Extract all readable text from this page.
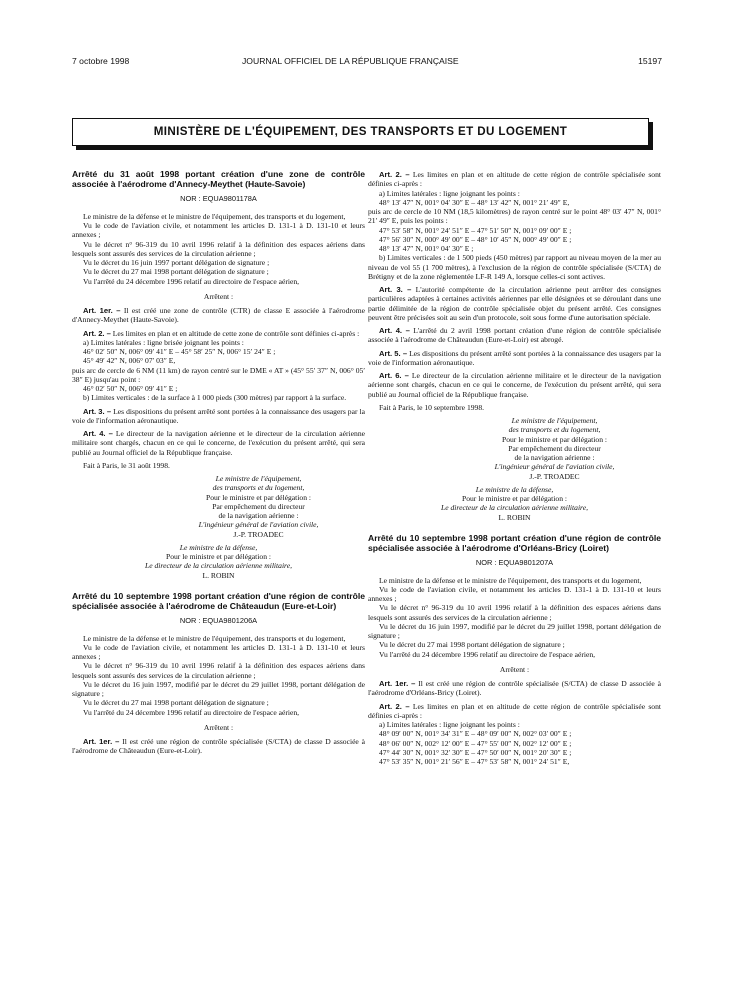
7 octobre 1998	JOURNAL OFFICIEL DE LA RÉPUBLIQUE FRANÇAISE	15197
MINISTÈRE DE L'ÉQUIPEMENT, DES TRANSPORTS ET DU LOGEMENT
Arrêté du 31 août 1998 portant création d'une zone de contrôle associée à l'aérodrome d'Annecy-Meythet (Haute-Savoie)
NOR : EQUA9801178A

Le ministre de la défense et le ministre de l'équipement, des transports et du logement,

Vu le code de l'aviation civile, et notamment les articles D. 131-1 à D. 131-10 et leurs annexes ;

Vu le décret n° 96-319 du 10 avril 1996 relatif à la définition des espaces aériens dans lesquels sont assurés des services de la circulation aérienne ;

Vu le décret du 16 juin 1997 portant délégation de signature ;

Vu le décret du 27 mai 1998 portant délégation de signature ;

Vu l'arrêté du 24 décembre 1996 relatif au directoire de l'espace aérien,

Arrêtent :

Art. 1er. – Il est créé une zone de contrôle (CTR) de classe E associée à l'aérodrome d'Annecy-Meythet (Haute-Savoie).

Art. 2. – Les limites en plan et en altitude de cette zone de contrôle sont définies ci-après :

a) Limites latérales : ligne brisée joignant les points :

46° 02′ 50″ N, 006° 09′ 41″ E – 45° 58′ 25″ N, 006° 15′ 24″ E ;

45° 49′ 42″ N, 006° 07′ 03″ E,

puis arc de cercle de 6 NM (11 km) de rayon centré sur le DME « AT » (45° 55′ 37″ N, 006° 05′ 38″ E) jusqu'au point :

46° 02′ 50″ N, 006° 09′ 41″ E ;

b) Limites verticales : de la surface à 1 000 pieds (300 mètres) par rapport à la surface.

Art. 3. – Les dispositions du présent arrêté sont portées à la connaissance des usagers par la voie de l'information aéronautique.

Art. 4. – Le directeur de la navigation aérienne et le directeur de la circulation aérienne militaire sont chargés, chacun en ce qui le concerne, de l'exécution du présent arrêté, qui sera publié au Journal officiel de la République française.

Fait à Paris, le 31 août 1998.

Le ministre de l'équipement,
des transports et du logement,
Pour le ministre et par délégation :
Par empêchement du directeur
de la navigation aérienne :
L'ingénieur général de l'aviation civile,
J.-P. TROADEC

Le ministre de la défense,
Pour le ministre et par délégation :
Le directeur de la circulation aérienne militaire,
L. ROBIN

Arrêté du 10 septembre 1998 portant création d'une région de contrôle spécialisée associée à l'aérodrome de Châteaudun (Eure-et-Loir)
NOR : EQUA9801206A

Le ministre de la défense et le ministre de l'équipement, des transports et du logement,

Vu le code de l'aviation civile, et notamment les articles D. 131-1 à D. 131-10 et leurs annexes ;

Vu le décret n° 96-319 du 10 avril 1996 relatif à la définition des espaces aériens dans lesquels sont assurés des services de la circulation aérienne ;

Vu le décret du 16 juin 1997, modifié par le décret du 29 juillet 1998, portant délégation de signature ;

Vu le décret du 27 mai 1998 portant délégation de signature ;

Vu l'arrêté du 24 décembre 1996 relatif au directoire de l'espace aérien,

Arrêtent :

Art. 1er. – Il est créé une région de contrôle spécialisée (S/CTA) de classe D associée à l'aérodrome de Châteaudun (Eure-et-Loir).

Art. 2. – Les limites en plan et en altitude de cette région de contrôle spécialisée sont définies ci-après :

a) Limites latérales : ligne joignant les points :

48° 13′ 47″ N, 001° 04′ 30″ E – 48° 13′ 42″ N, 001° 21′ 49″ E,

puis arc de cercle de 10 NM (18,5 kilomètres) de rayon centré sur le point 48° 03′ 47″ N, 001° 21′ 49″ E, puis les points :

47° 53′ 58″ N, 001° 24′ 51″ E – 47° 51′ 50″ N, 001° 09′ 00″ E ;

47° 56′ 30″ N, 000° 49′ 00″ E – 48° 10′ 45″ N, 000° 49′ 00″ E ;

48° 13′ 47″ N, 001° 04′ 30″ E ;

b) Limites verticales : de 1 500 pieds (450 mètres) par rapport au niveau moyen de la mer au niveau de vol 55 (1 700 mètres), à l'exclusion de la région de contrôle spécialisée (S/CTA) de Brétigny et de la zone réglementée LF-R 149 A, lorsque celles-ci sont actives.

Art. 3. – L'autorité compétente de la circulation aérienne peut arrêter des consignes particulières adaptées à certaines activités aériennes par elle désignées et se déroulant dans une partie délimitée de la région de contrôle spécialisée objet du présent arrêté. Ces consignes peuvent être précisées soit au sein d'un protocole, soit sous forme d'une autorisation spéciale.

Art. 4. – L'arrêté du 2 avril 1998 portant création d'une région de contrôle spécialisée associée à l'aérodrome de Châteaudun (Eure-et-Loir) est abrogé.

Art. 5. – Les dispositions du présent arrêté sont portées à la connaissance des usagers par la voie de l'information aéronautique.

Art. 6. – Le directeur de la circulation aérienne militaire et le directeur de la navigation aérienne sont chargés, chacun en ce qui le concerne, de l'exécution du présent arrêté, qui sera publié au Journal officiel de la République française.

Fait à Paris, le 10 septembre 1998.

Le ministre de l'équipement,
des transports et du logement,
Pour le ministre et par délégation :
Par empêchement du directeur
de la navigation aérienne :
L'ingénieur général de l'aviation civile,
J.-P. TROADEC

Le ministre de la défense,
Pour le ministre et par délégation :
Le directeur de la circulation aérienne militaire,
L. ROBIN

Arrêté du 10 septembre 1998 portant création d'une région de contrôle spécialisée associée à l'aérodrome d'Orléans-Bricy (Loiret)
NOR : EQUA9801207A

Le ministre de la défense et le ministre de l'équipement, des transports et du logement,

Vu le code de l'aviation civile, et notamment les articles D. 131-1 à D. 131-10 et leurs annexes ;

Vu le décret n° 96-319 du 10 avril 1996 relatif à la définition des espaces aériens dans lesquels sont assurés des services de la circulation aérienne ;

Vu le décret du 16 juin 1997, modifié par le décret du 29 juillet 1998, portant délégation de signature ;

Vu le décret du 27 mai 1998 portant délégation de signature ;

Vu l'arrêté du 24 décembre 1996 relatif au directoire de l'espace aérien,

Arrêtent :

Art. 1er. – Il est créé une région de contrôle spécialisée (S/CTA) de classe D associée à l'aérodrome d'Orléans-Bricy (Loiret).

Art. 2. – Les limites en plan et en altitude de cette région de contrôle spécialisée sont définies ci-après :

a) Limites latérales : ligne joignant les points :

48° 09′ 00″ N, 001° 34′ 31″ E – 48° 09′ 00″ N, 002° 03′ 00″ E ;

48° 06′ 00″ N, 002° 12′ 00″ E – 47° 55′ 00″ N, 002° 12′ 00″ E ;

47° 44′ 30″ N, 001° 32′ 30″ E – 47° 50′ 00″ N, 001° 20′ 30″ E ;

47° 53′ 35″ N, 001° 21′ 56″ E – 47° 53′ 58″ N, 001° 24′ 51″ E,
